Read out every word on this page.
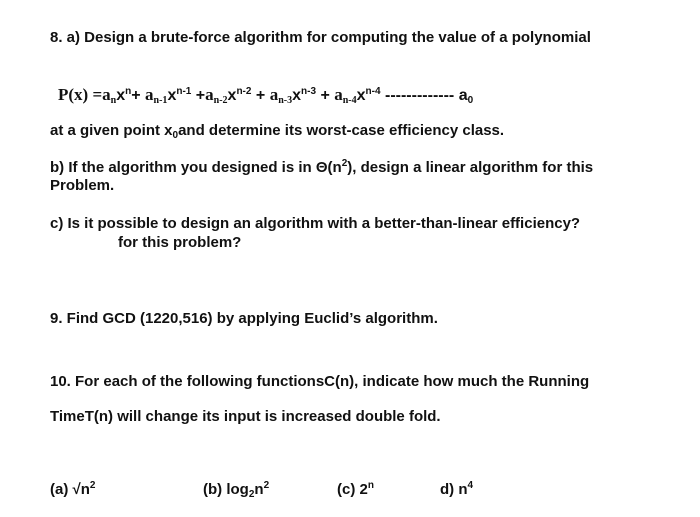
8. a) Design a brute-force algorithm for computing the value of a polynomial
$P(x) =a_nx^n+ a_{n-1}x^{n-1} +a_{n-2}x^{n-2} + a_{n-3}x^{n-3} + a_{n-4}x^{n-4}$ ------------- $a_0$
at a given point $x_0and$ determine its worst-case efficiency class.
b) If the algorithm you designed is in $\Theta(n^2)$, design a linear algorithm for this
Problem.
c) Is it possible to design an algorithm with a better-than-linear efficiency?
for this problem?
9. Find GCD (1220,516) by applying Euclid’s algorithm.
10. For each of the following functionsC(n), indicate how much the Running
TimeT(n) will change its input is increased double fold.
(a) $√n^2$	(b) $\log_2n^2$	(c) 2$^n$	d) $n^4$
